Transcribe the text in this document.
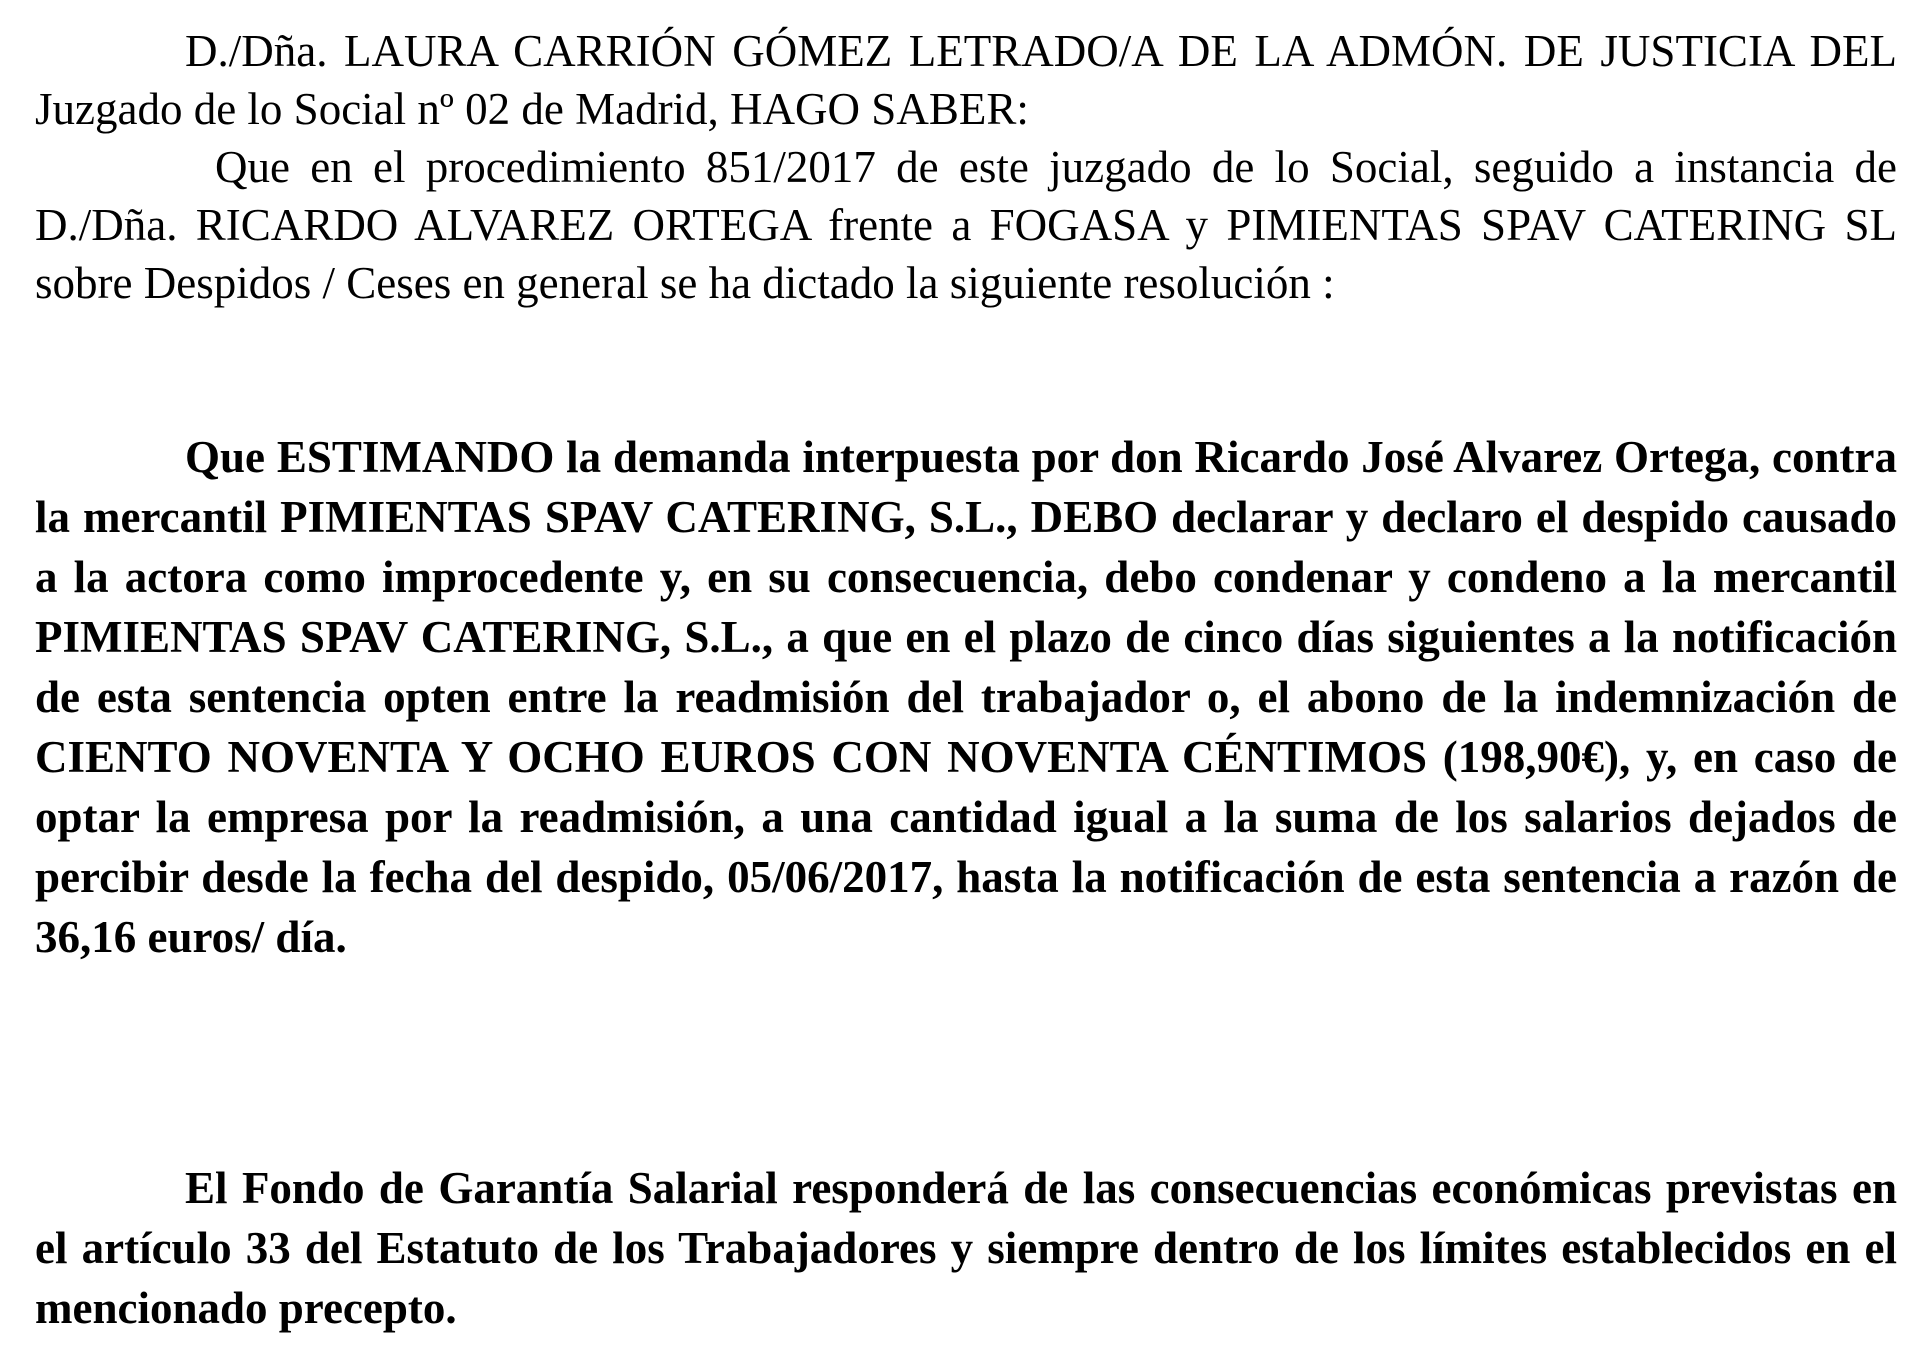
D./Dña. LAURA CARRIÓN GÓMEZ LETRADO/A DE LA ADMÓN. DE JUSTICIA DEL Juzgado de lo Social nº 02 de Madrid, HAGO SABER:

Que en el procedimiento 851/2017 de este juzgado de lo Social, seguido a instancia de D./Dña. RICARDO ALVAREZ ORTEGA frente a FOGASA y PIMIENTAS SPAV CATERING SL sobre Despidos / Ceses en general se ha dictado la siguiente resolución :

Que ESTIMANDO la demanda interpuesta por don Ricardo José Alvarez Ortega, contra la mercantil PIMIENTAS SPAV CATERING, S.L., DEBO declarar y declaro el despido causado a la actora como improcedente y, en su consecuencia, debo condenar y condeno a la mercantil PIMIENTAS SPAV CATERING, S.L., a que en el plazo de cinco días siguientes a la notificación de esta sentencia opten entre la readmisión del trabajador o, el abono de la indemnización de CIENTO NOVENTA Y OCHO EUROS CON NOVENTA CÉNTIMOS (198,90€), y, en caso de optar la empresa por la readmisión, a una cantidad igual a la suma de los salarios dejados de percibir desde la fecha del despido, 05/06/2017, hasta la notificación de esta sentencia a razón de 36,16 euros/ día.

El Fondo de Garantía Salarial responderá de las consecuencias económicas previstas en el artículo 33 del Estatuto de los Trabajadores y siempre dentro de los límites establecidos en el mencionado precepto.
